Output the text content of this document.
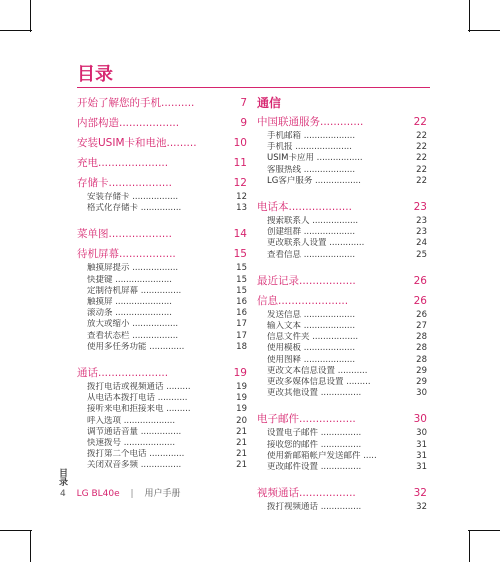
目录
开始了解您的手机..........	7
内部构造..................	9
安装USIM卡和电池.........	10
充电.....................	11
存储卡...................	12
安装存储卡 .................	12
格式化存储卡 ...............	13
菜单图...................	14
待机屏幕.................	15
触摸屏提示 .................	15
快捷键 .....................	15
定制待机屏幕 ...............	15
触摸屏 .....................	16
滚动条 .....................	16
放大或缩小 .................	17
查看状态栏 .................	17
使用多任务功能 .............	18
通话.....................	19
拨打电话或视频通话 .........	19
从电话本拨打电话 ...........	19
接听来电和拒接来电 .........	19
呼入选项 ...................	20
调节通话音量 ...............	21
快速拨号 ...................	21
拨打第二个电话 .............	21
关闭双音多频 ...............	21
通信
中国联通服务.............	22
手机邮箱 ...................	22
手机报 .....................	22
USIM卡应用 .................	22
客服热线 ...................	22
LG客户服务 .................	22
电话本...................	23
搜索联系人 .................	23
创建组群 ...................	23
更改联系人设置 .............	24
查看信息 ...................	25
最近记录.................	26
信息.....................	26
发送信息 ...................	26
输入文本 ...................	27
信息文件夹 .................	28
使用模板 ...................	28
使用图释 ...................	28
更改文本信息设置 ...........	29
更改多媒体信息设置 .........	29
更改其他设置 ...............	30
电子邮件.................	30
设置电子邮件 ...............	30
接收您的邮件 ...............	31
使用新邮箱帐户发送邮件 .....	31
更改邮件设置 ...............	31
视频通话.................	32
拨打视频通话 ...............	32
目录
4 LG BL40e | 用户手册
